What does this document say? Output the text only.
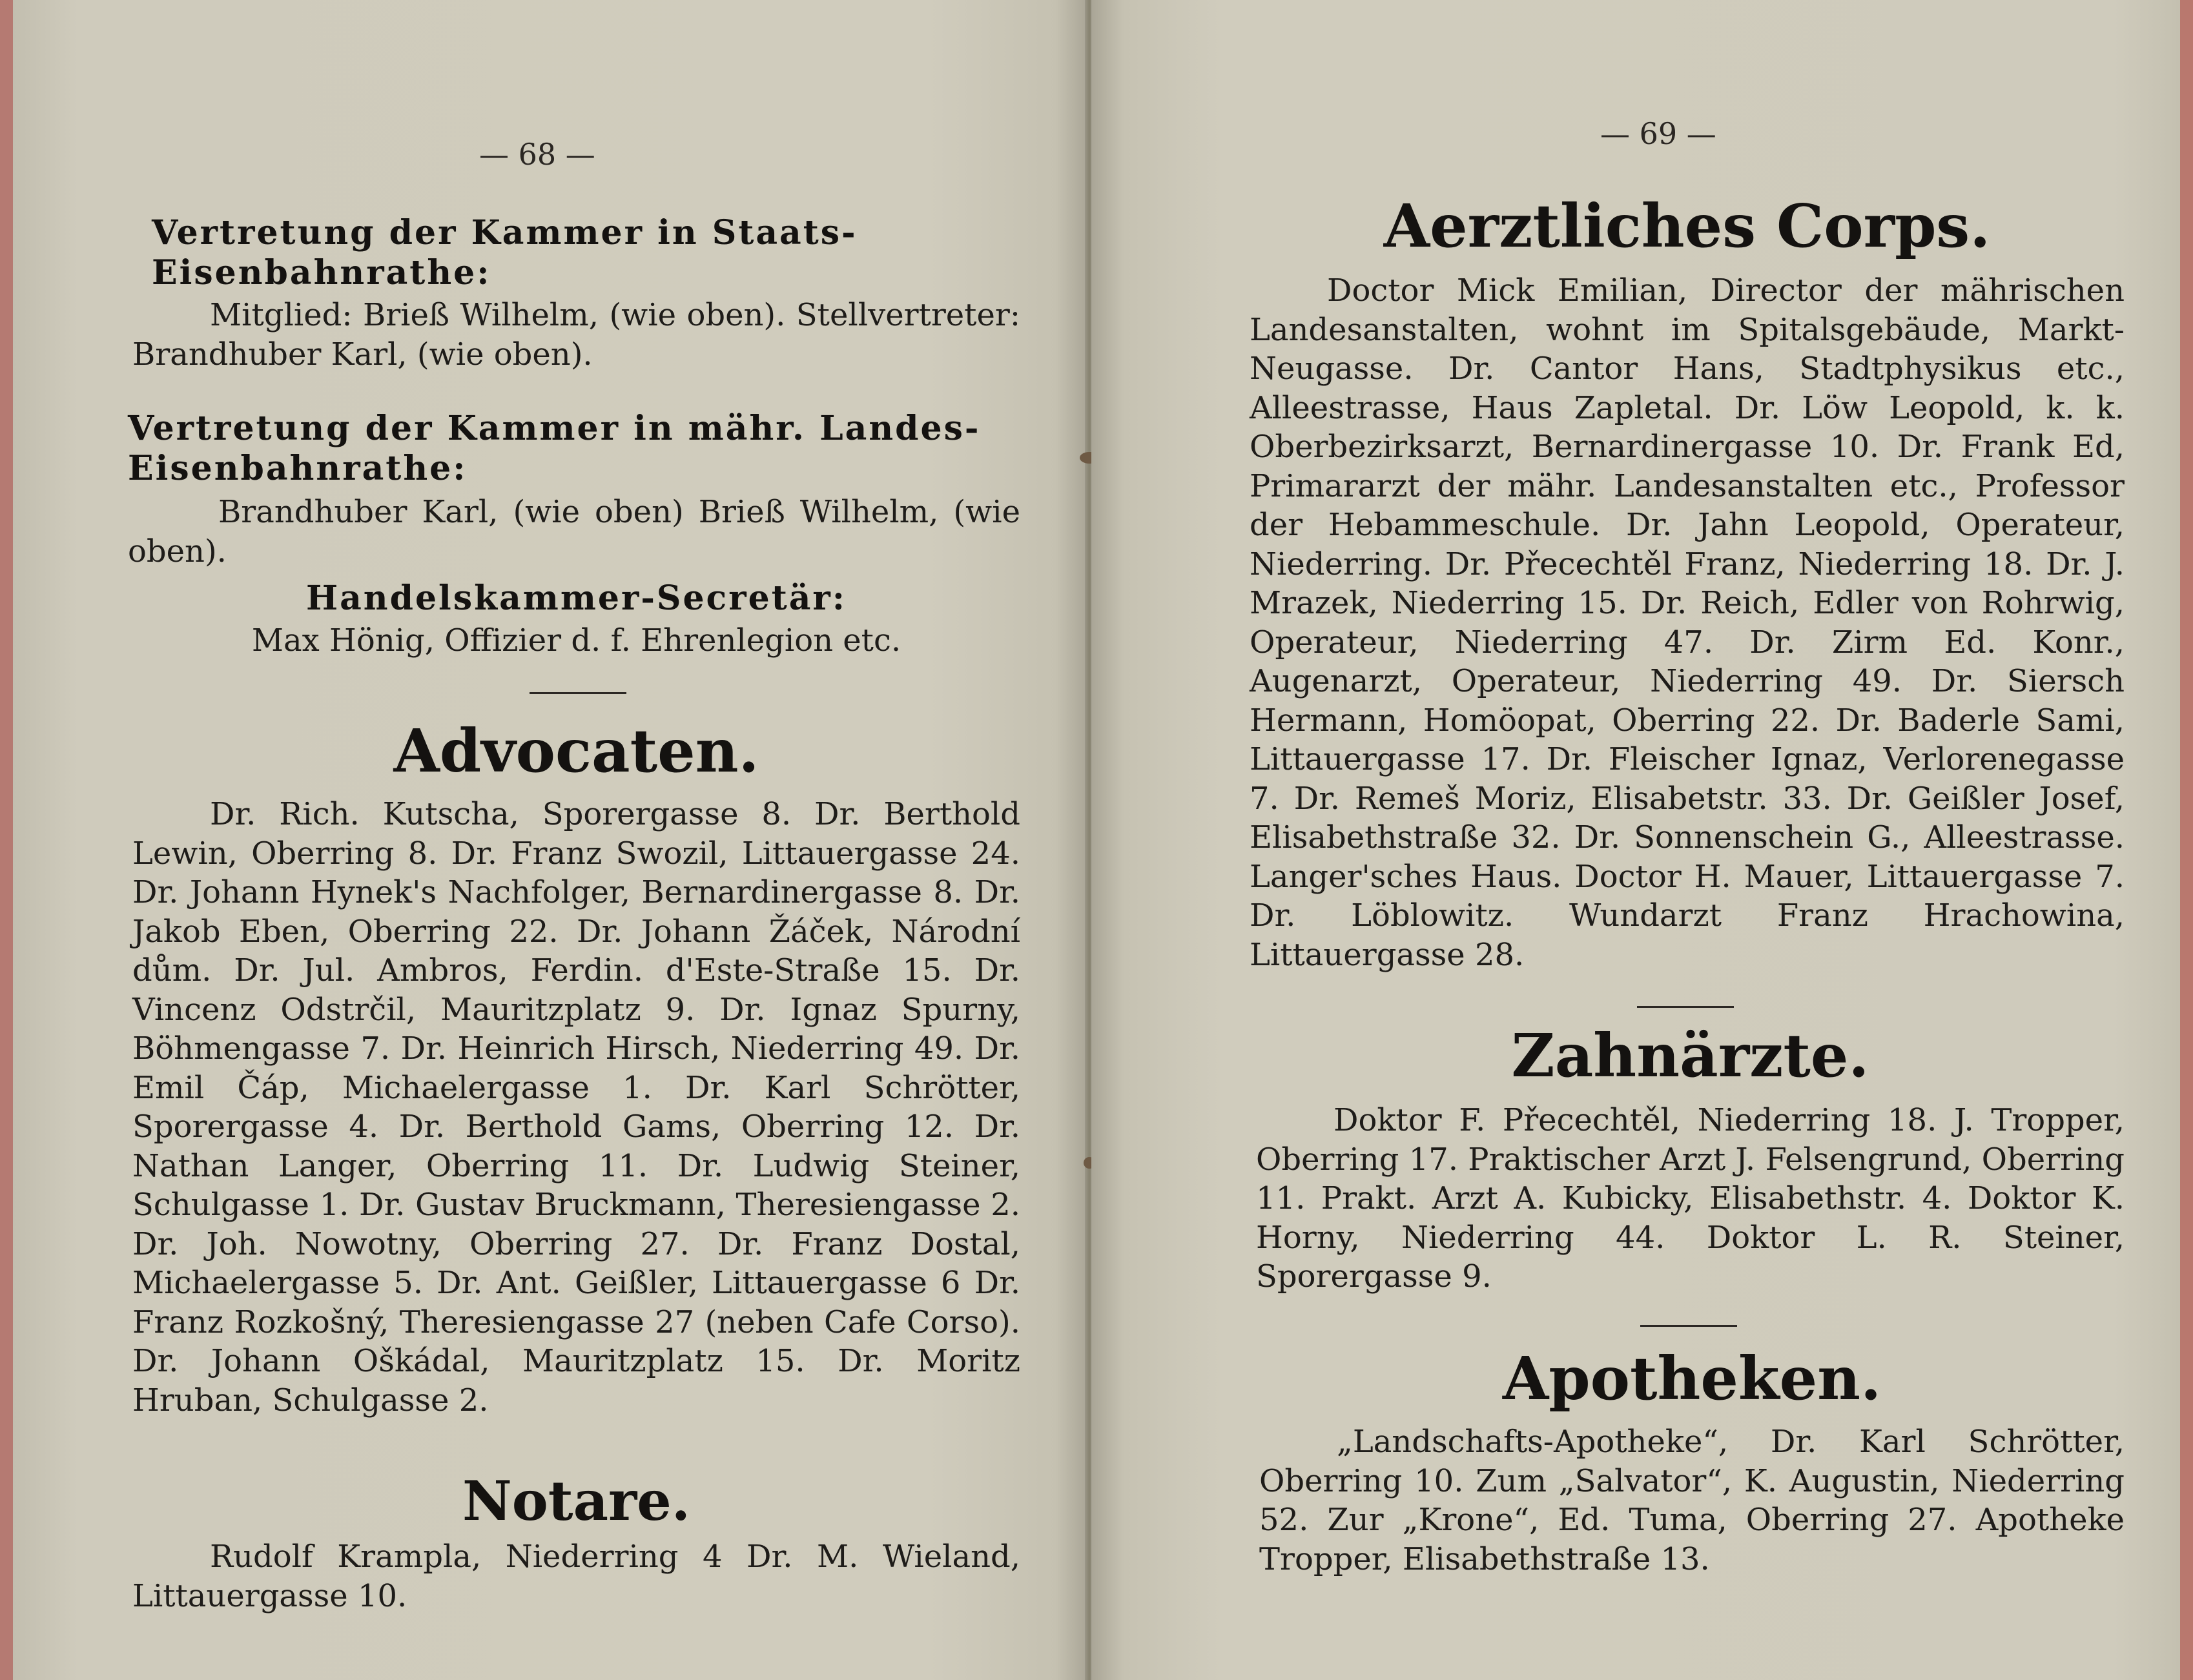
— 68 —
Vertretung der Kammer in Staats-Eisenbahnrathe:
Mitglied: Brieß Wilhelm, (wie oben). Stellvertreter: Brandhuber Karl, (wie oben).
Vertretung der Kammer in mähr. Landes-Eisenbahnrathe:
Brandhuber Karl, (wie oben) Brieß Wilhelm, (wie oben).
Handelskammer-Secretär:
Max Hönig, Offizier d. f. Ehrenlegion etc.
Advocaten.
Dr. Rich. Kutscha, Sporergasse 8. Dr. Berthold Lewin, Oberring 8. Dr. Franz Swozil, Littauergasse 24. Dr. Johann Hynek's Nachfolger, Bernardinergasse 8. Dr. Jakob Eben, Oberring 22. Dr. Johann Žáček, Národní dům. Dr. Jul. Ambros, Ferdin. d'Este-Straße 15. Dr. Vincenz Odstrčil, Mauritzplatz 9. Dr. Ignaz Spurny, Böhmengasse 7. Dr. Heinrich Hirsch, Niederring 49. Dr. Emil Čáp, Michaelergasse 1. Dr. Karl Schrötter, Sporergasse 4. Dr. Berthold Gams, Oberring 12. Dr. Nathan Langer, Oberring 11. Dr. Ludwig Steiner, Schulgasse 1. Dr. Gustav Bruckmann, Theresiengasse 2. Dr. Joh. Nowotny, Oberring 27. Dr. Franz Dostal, Michaelergasse 5. Dr. Ant. Geißler, Littauergasse 6 Dr. Franz Rozkošný, Theresiengasse 27 (neben Cafe Corso). Dr. Johann Oškádal, Mauritzplatz 15. Dr. Moritz Hruban, Schulgasse 2.
Notare.
Rudolf Krampla, Niederring 4 Dr. M. Wieland, Littauergasse 10.
— 69 —
Aerztliches Corps.
Doctor Mick Emilian, Director der mährischen Landesanstalten, wohnt im Spitalsgebäude, Markt-Neugasse. Dr. Cantor Hans, Stadtphysikus etc., Alleestrasse, Haus Zapletal. Dr. Löw Leopold, k. k. Oberbezirksarzt, Bernardinergasse 10. Dr. Frank Ed, Primararzt der mähr. Landesanstalten etc., Professor der Hebammeschule. Dr. Jahn Leopold, Operateur, Niederring. Dr. Přecechtěl Franz, Niederring 18. Dr. J. Mrazek, Niederring 15. Dr. Reich, Edler von Rohrwig, Operateur, Niederring 47. Dr. Zirm Ed. Konr., Augenarzt, Operateur, Niederring 49. Dr. Siersch Hermann, Homöopat, Oberring 22. Dr. Baderle Sami, Littauergasse 17. Dr. Fleischer Ignaz, Verlorenegasse 7. Dr. Remeš Moriz, Elisabetstr. 33. Dr. Geißler Josef, Elisabethstraße 32. Dr. Sonnenschein G., Alleestrasse. Langer'sches Haus. Doctor H. Mauer, Littauergasse 7. Dr. Löblowitz. Wundarzt Franz Hrachowina, Littauergasse 28.
Zahnärzte.
Doktor F. Přecechtěl, Niederring 18. J. Tropper, Oberring 17. Praktischer Arzt J. Felsengrund, Oberring 11. Prakt. Arzt A. Kubicky, Elisabethstr. 4. Doktor K. Horny, Niederring 44. Doktor L. R. Steiner, Sporergasse 9.
Apotheken.
„Landschafts-Apotheke“, Dr. Karl Schrötter, Oberring 10. Zum „Salvator“, K. Augustin, Niederring 52. Zur „Krone“, Ed. Tuma, Oberring 27. Apotheke Tropper, Elisabethstraße 13.
